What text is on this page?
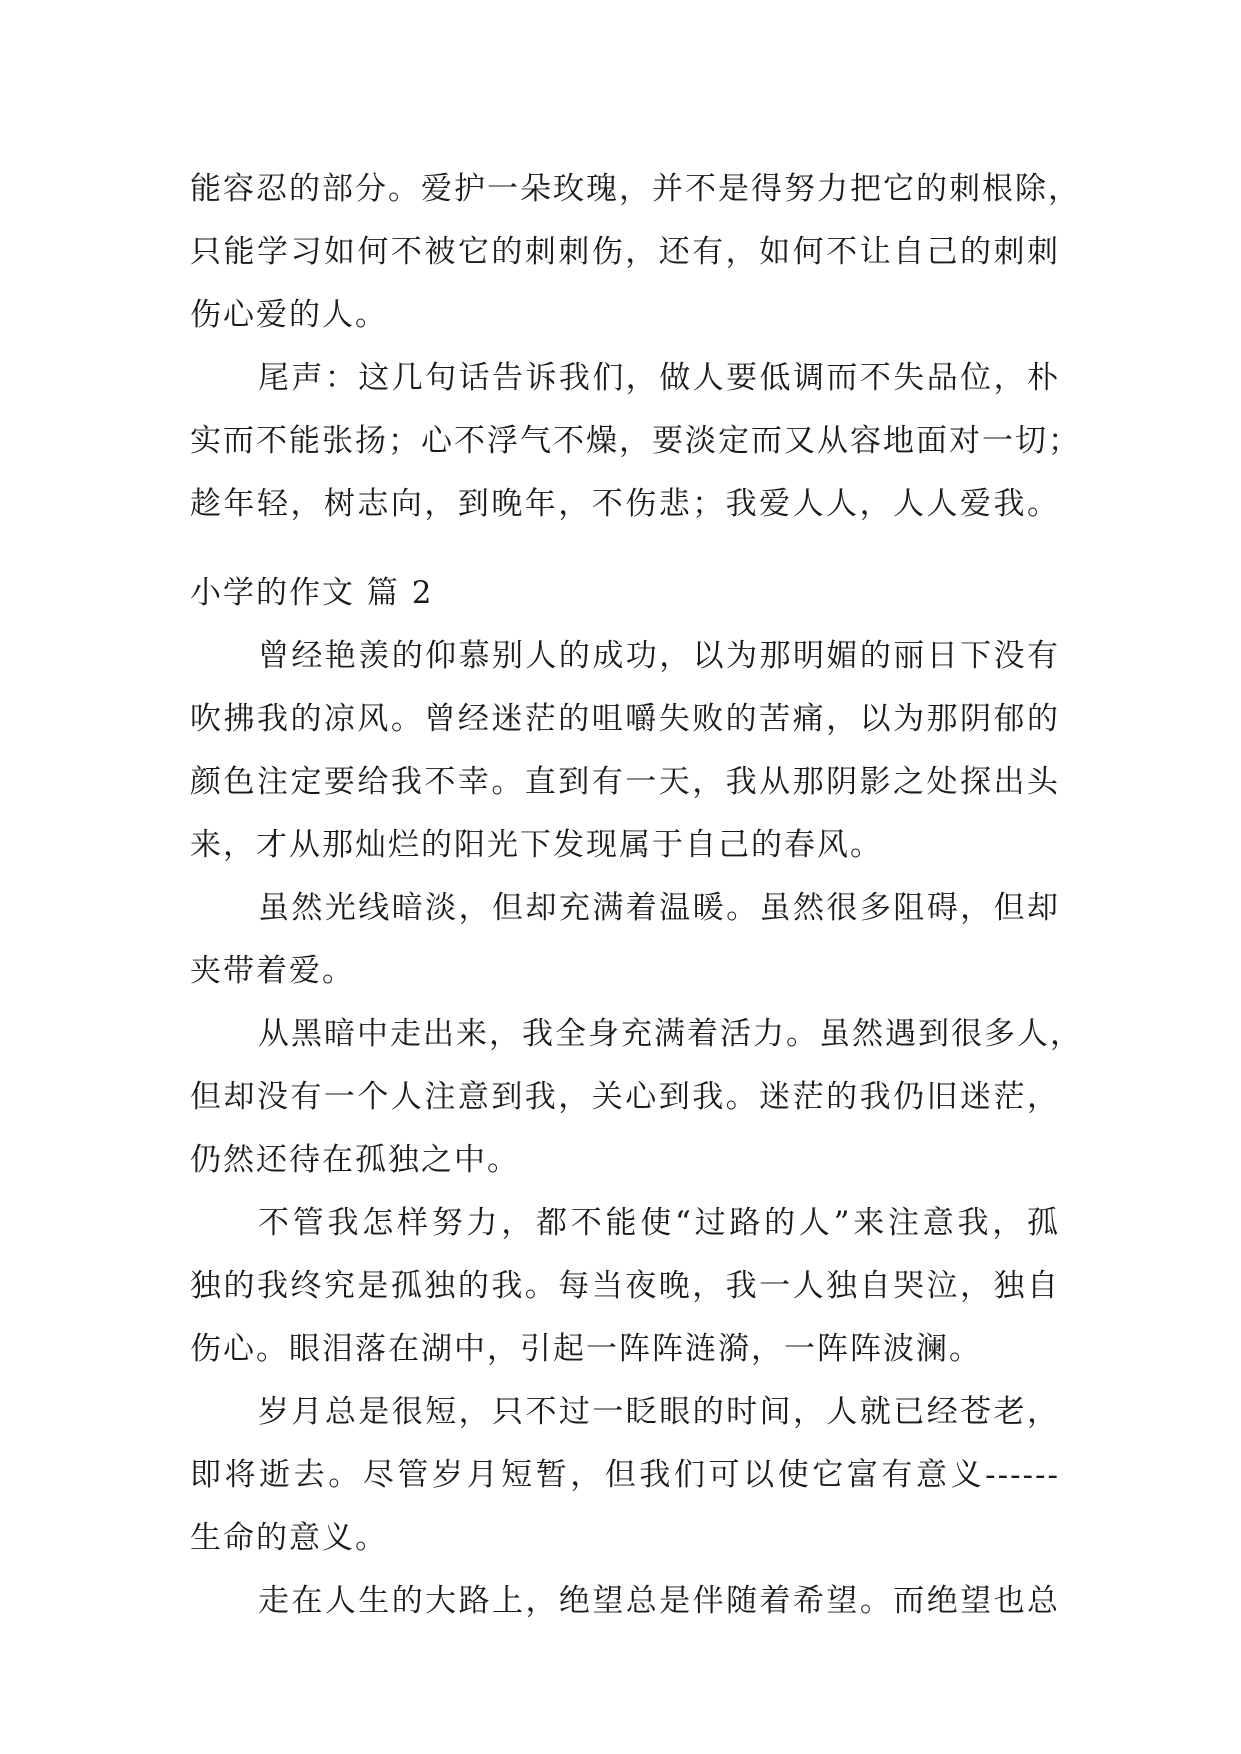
能容忍的部分。爱护一朵玫瑰，并不是得努力把它的刺根除，
只能学习如何不被它的刺刺伤，还有，如何不让自己的刺刺
伤心爱的人。
尾声：这几句话告诉我们，做人要低调而不失品位，朴
实而不能张扬；心不浮气不燥，要淡定而又从容地面对一切；
趁年轻，树志向，到晚年，不伤悲；我爱人人，人人爱我。
小学的作文 篇 2
曾经艳羡的仰慕别人的成功，以为那明媚的丽日下没有
吹拂我的凉风。曾经迷茫的咀嚼失败的苦痛，以为那阴郁的
颜色注定要给我不幸。直到有一天，我从那阴影之处探出头
来，才从那灿烂的阳光下发现属于自己的春风。
虽然光线暗淡，但却充满着温暖。虽然很多阻碍，但却
夹带着爱。
从黑暗中走出来，我全身充满着活力。虽然遇到很多人，
但却没有一个人注意到我，关心到我。迷茫的我仍旧迷茫，
仍然还待在孤独之中。
不管我怎样努力，都不能使“过路的人”来注意我，孤
独的我终究是孤独的我。每当夜晚，我一人独自哭泣，独自
伤心。眼泪落在湖中，引起一阵阵涟漪，一阵阵波澜。
岁月总是很短，只不过一眨眼的时间，人就已经苍老，
即将逝去。尽管岁月短暂，但我们可以使它富有意义------
生命的意义。
走在人生的大路上，绝望总是伴随着希望。而绝望也总
